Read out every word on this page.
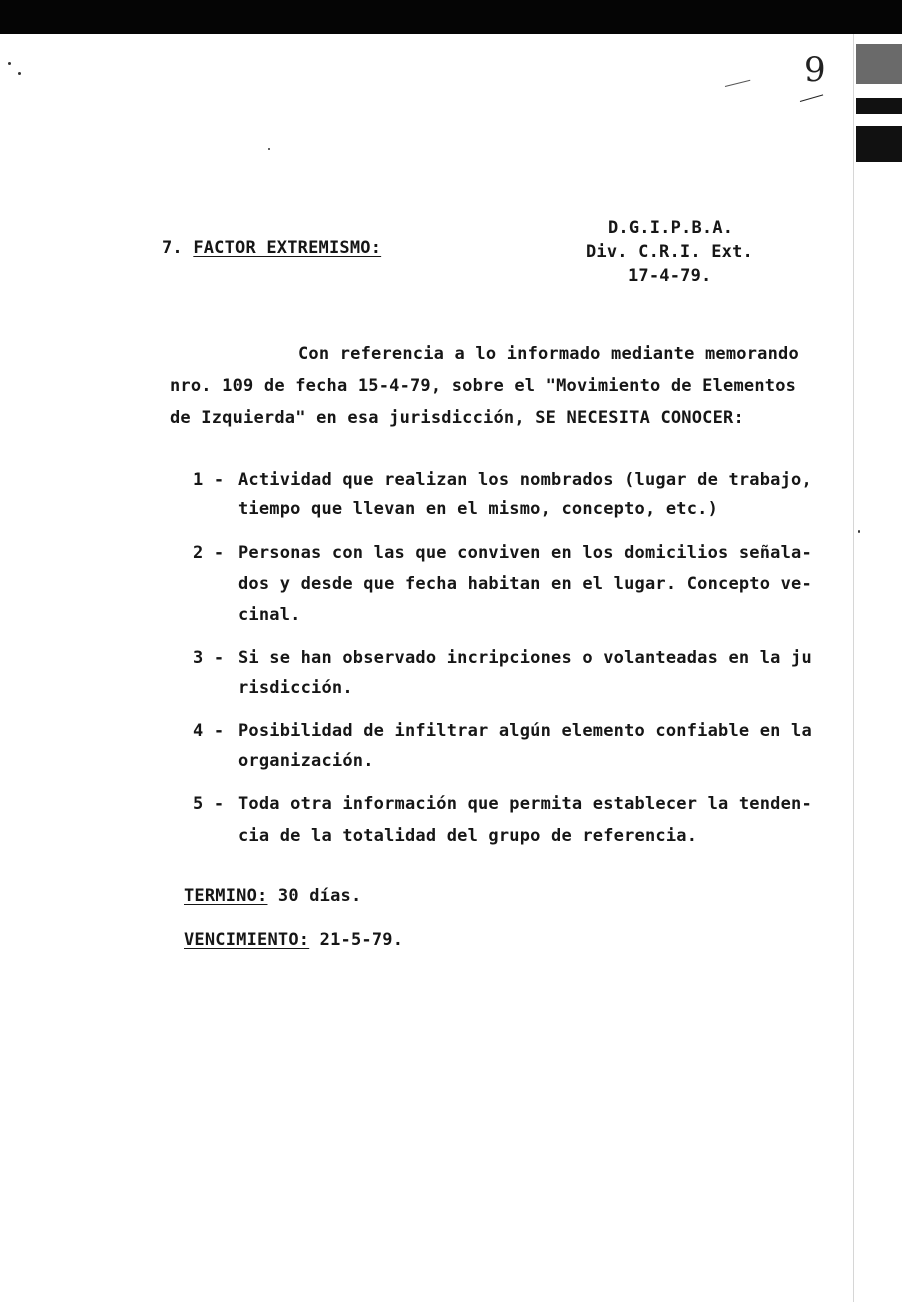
9
7. FACTOR EXTREMISMO:
D.G.I.P.B.A.
Div. C.R.I. Ext.
17-4-79.
Con referencia a lo informado mediante memorando
nro. 109 de fecha 15-4-79, sobre el "Movimiento de Elementos
de Izquierda" en esa jurisdicción, SE NECESITA CONOCER:
1 - Actividad que realizan los nombrados (lugar de trabajo,
tiempo que llevan en el mismo, concepto, etc.)
2 - Personas con las que conviven en los domicilios señala-
dos y desde que fecha habitan en el lugar. Concepto ve-
cinal.
3 - Si se han observado incripciones o volanteadas en la ju
risdicción.
4 - Posibilidad de infiltrar algún elemento confiable en la
organización.
5 - Toda otra información que permita establecer la tenden-
cia de la totalidad del grupo de referencia.
TERMINO: 30 días.
VENCIMIENTO: 21-5-79.
